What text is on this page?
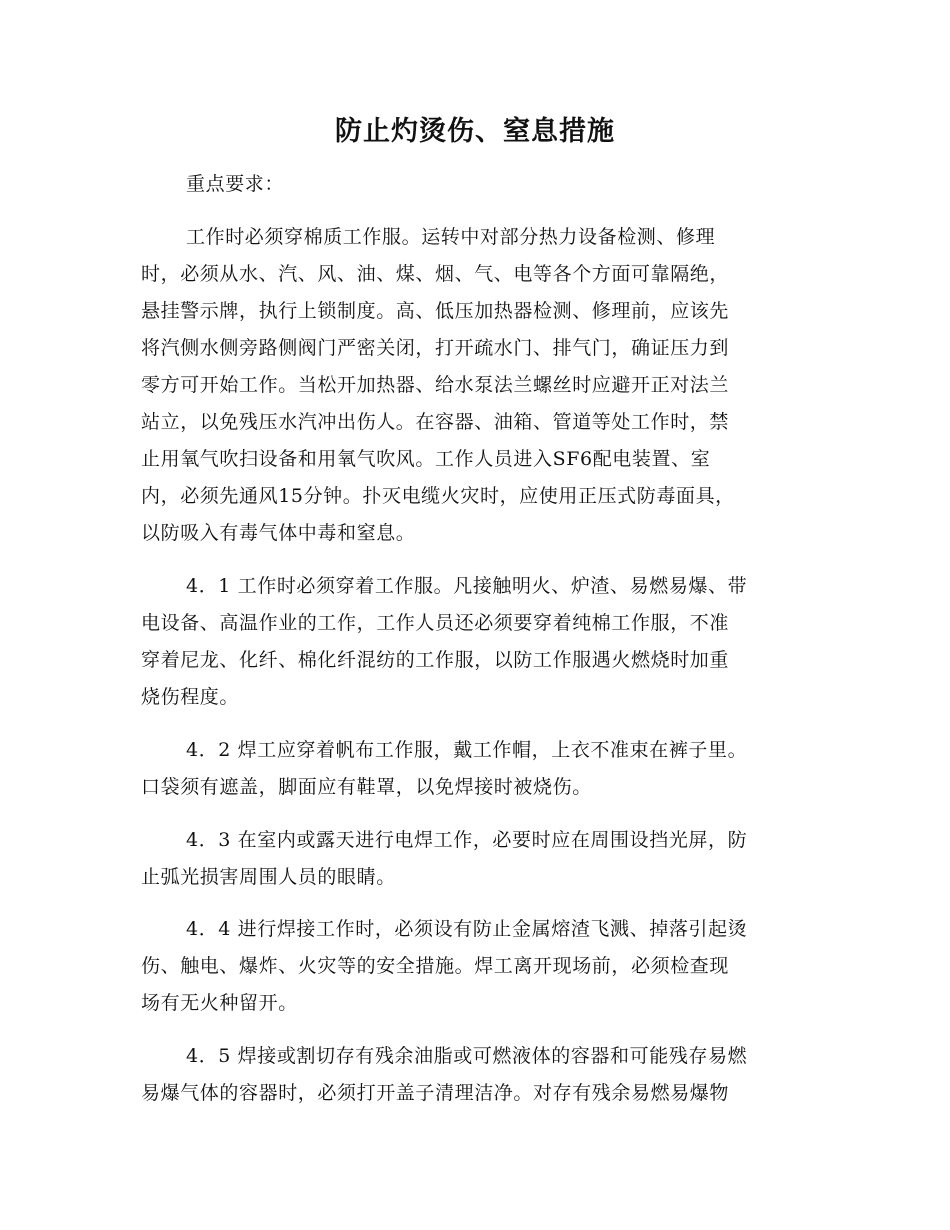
防止灼烫伤、窒息措施
重点要求：
工作时必须穿棉质工作服。运转中对部分热力设备检测、修理
时，必须从水、汽、风、油、煤、烟、气、电等各个方面可靠隔绝，
悬挂警示牌，执行上锁制度。高、低压加热器检测、修理前，应该先
将汽侧水侧旁路侧阀门严密关闭，打开疏水门、排气门，确证压力到
零方可开始工作。当松开加热器、给水泵法兰螺丝时应避开正对法兰
站立，以免残压水汽冲出伤人。在容器、油箱、管道等处工作时，禁
止用氧气吹扫设备和用氧气吹风。工作人员进入SF6配电装置、室
内，必须先通风15分钟。扑灭电缆火灾时，应使用正压式防毒面具，
以防吸入有毒气体中毒和窒息。
4．1 工作时必须穿着工作服。凡接触明火、炉渣、易燃易爆、带
电设备、高温作业的工作，工作人员还必须要穿着纯棉工作服，不准
穿着尼龙、化纤、棉化纤混纺的工作服，以防工作服遇火燃烧时加重
烧伤程度。
4．2 焊工应穿着帆布工作服，戴工作帽，上衣不准束在裤子里。
口袋须有遮盖，脚面应有鞋罩，以免焊接时被烧伤。
4．3 在室内或露天进行电焊工作，必要时应在周围设挡光屏，防
止弧光损害周围人员的眼睛。
4．4 进行焊接工作时，必须设有防止金属熔渣飞溅、掉落引起烫
伤、触电、爆炸、火灾等的安全措施。焊工离开现场前，必须检查现
场有无火种留开。
4．5 焊接或割切存有残余油脂或可燃液体的容器和可能残存易燃
易爆气体的容器时，必须打开盖子清理洁净。对存有残余易燃易爆物
